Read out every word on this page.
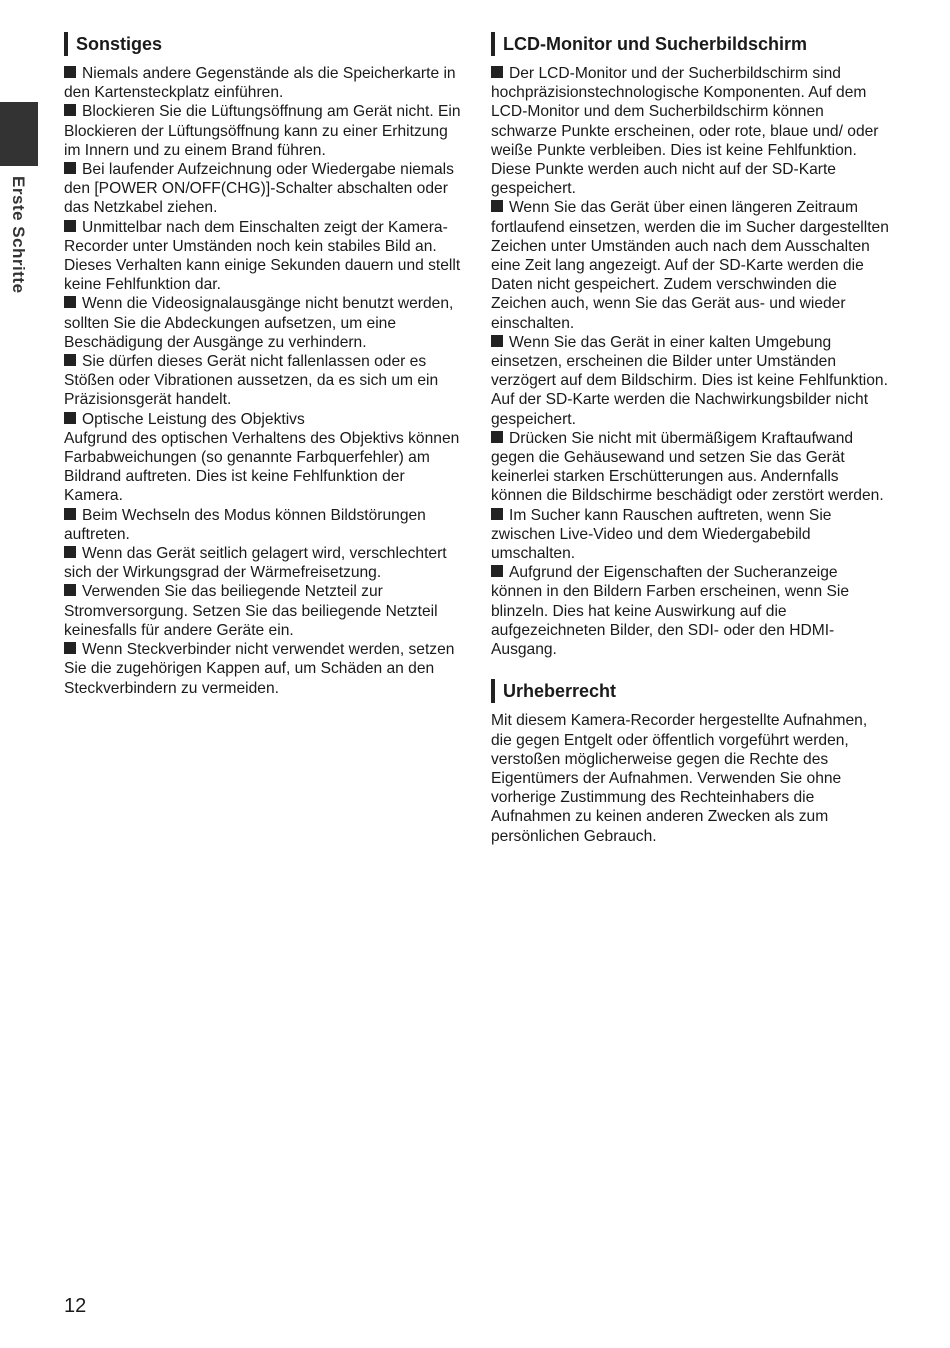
Erste Schritte
Sonstiges

Niemals andere Gegenstände als die Speicherkarte in den Kartensteckplatz einführen.

Blockieren Sie die Lüftungsöffnung am Gerät nicht. Ein Blockieren der Lüftungsöffnung kann zu einer Erhitzung im Innern und zu einem Brand führen.

Bei laufender Aufzeichnung oder Wiedergabe niemals den [POWER ON/OFF(CHG)]-Schalter abschalten oder das Netzkabel ziehen.

Unmittelbar nach dem Einschalten zeigt der Kamera-Recorder unter Umständen noch kein stabiles Bild an. Dieses Verhalten kann einige Sekunden dauern und stellt keine Fehlfunktion dar.

Wenn die Videosignalausgänge nicht benutzt werden, sollten Sie die Abdeckungen aufsetzen, um eine Beschädigung der Ausgänge zu verhindern.

Sie dürfen dieses Gerät nicht fallenlassen oder es Stößen oder Vibrationen aussetzen, da es sich um ein Präzisionsgerät handelt.

Optische Leistung des Objektivs

Aufgrund des optischen Verhaltens des Objektivs können Farbabweichungen (so genannte Farbquerfehler) am Bildrand auftreten. Dies ist keine Fehlfunktion der Kamera.

Beim Wechseln des Modus können Bildstörungen auftreten.

Wenn das Gerät seitlich gelagert wird, verschlechtert sich der Wirkungsgrad der Wärmefreisetzung.

Verwenden Sie das beiliegende Netzteil zur Stromversorgung. Setzen Sie das beiliegende Netzteil keinesfalls für andere Geräte ein.

Wenn Steckverbinder nicht verwendet werden, setzen Sie die zugehörigen Kappen auf, um Schäden an den Steckverbindern zu vermeiden.

LCD-Monitor und Sucherbildschirm

Der LCD-Monitor und der Sucherbildschirm sind hochpräzisionstechnologische Komponenten. Auf dem LCD-Monitor und dem Sucherbildschirm können schwarze Punkte erscheinen, oder rote, blaue und/ oder weiße Punkte verbleiben. Dies ist keine Fehlfunktion. Diese Punkte werden auch nicht auf der SD-Karte gespeichert.

Wenn Sie das Gerät über einen längeren Zeitraum fortlaufend einsetzen, werden die im Sucher dargestellten Zeichen unter Umständen auch nach dem Ausschalten eine Zeit lang angezeigt. Auf der SD-Karte werden die Daten nicht gespeichert. Zudem verschwinden die Zeichen auch, wenn Sie das Gerät aus- und wieder einschalten.

Wenn Sie das Gerät in einer kalten Umgebung einsetzen, erscheinen die Bilder unter Umständen verzögert auf dem Bildschirm. Dies ist keine Fehlfunktion. Auf der SD-Karte werden die Nachwirkungsbilder nicht gespeichert.

Drücken Sie nicht mit übermäßigem Kraftaufwand gegen die Gehäusewand und setzen Sie das Gerät keinerlei starken Erschütterungen aus. Andernfalls können die Bildschirme beschädigt oder zerstört werden.

Im Sucher kann Rauschen auftreten, wenn Sie zwischen Live-Video und dem Wiedergabebild umschalten.

Aufgrund der Eigenschaften der Sucheranzeige können in den Bildern Farben erscheinen, wenn Sie blinzeln. Dies hat keine Auswirkung auf die aufgezeichneten Bilder, den SDI- oder den HDMI-Ausgang.

Urheberrecht

Mit diesem Kamera-Recorder hergestellte Aufnahmen, die gegen Entgelt oder öffentlich vorgeführt werden, verstoßen möglicherweise gegen die Rechte des Eigentümers der Aufnahmen. Verwenden Sie ohne vorherige Zustimmung des Rechteinhabers die Aufnahmen zu keinen anderen Zwecken als zum persönlichen Gebrauch.

12
